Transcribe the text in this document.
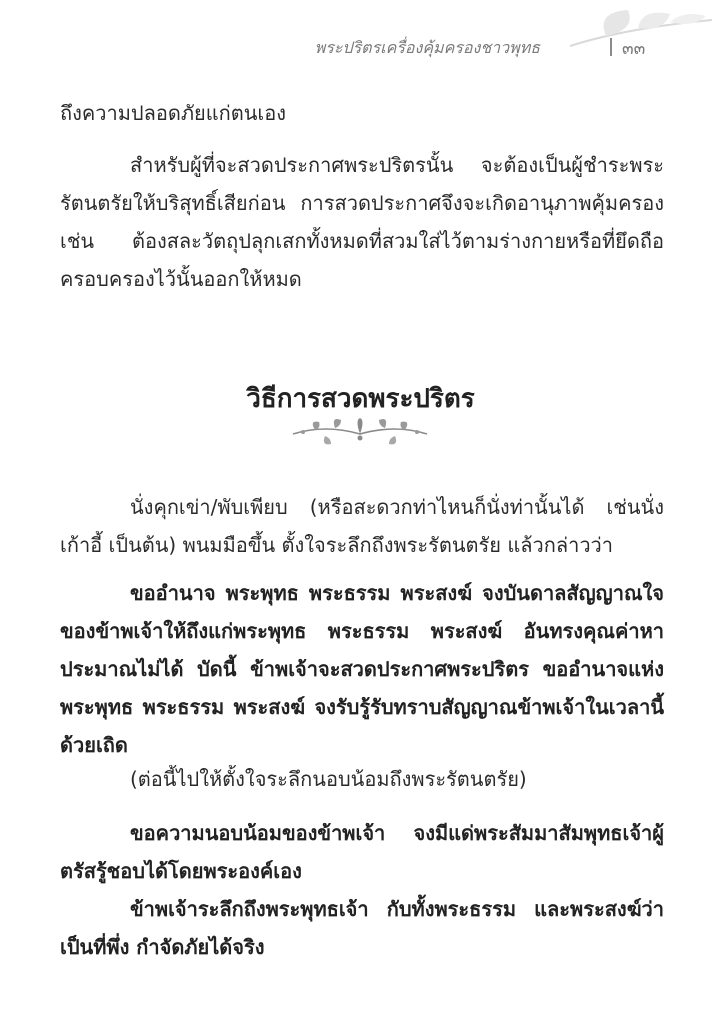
พระปริตรเครื่องคุ้มครองชาวพุทธ	๓๓

ถึงความปลอดภัยแก่ตนเอง

สำหรับผู้ที่จะสวดประกาศพระปริตรนั้น จะต้องเป็นผู้ชำระพระรัตนตรัยให้บริสุทธิ์เสียก่อน การสวดประกาศจึงจะเกิดอานุภาพคุ้มครอง เช่น ต้องสละวัตถุปลุกเสกทั้งหมดที่สวมใส่ไว้ตามร่างกายหรือที่ยึดถือครอบครองไว้นั้นออกให้หมด

วิธีการสวดพระปริตร

นั่งคุกเข่า/พับเพียบ (หรือสะดวกท่าไหนก็นั่งท่านั้นได้ เช่นนั่งเก้าอี้ เป็นต้น) พนมมือขึ้น ตั้งใจระลึกถึงพระรัตนตรัย แล้วกล่าวว่า

ขออำนาจ พระพุทธ พระธรรม พระสงฆ์ จงบันดาลสัญญาณใจของข้าพเจ้าให้ถึงแก่พระพุทธ พระธรรม พระสงฆ์ อันทรงคุณค่าหาประมาณไม่ได้ บัดนี้ ข้าพเจ้าจะสวดประกาศพระปริตร ขออำนาจแห่งพระพุทธ พระธรรม พระสงฆ์ จงรับรู้รับทราบสัญญาณข้าพเจ้าในเวลานี้ด้วยเถิด

(ต่อนี้ไปให้ตั้งใจระลึกนอบน้อมถึงพระรัตนตรัย)

ขอความนอบน้อมของข้าพเจ้า จงมีแด่พระสัมมาสัมพุทธเจ้าผู้ตรัสรู้ชอบได้โดยพระองค์เอง

ข้าพเจ้าระลึกถึงพระพุทธเจ้า กับทั้งพระธรรม และพระสงฆ์ว่าเป็นที่พึ่ง กำจัดภัยได้จริง
